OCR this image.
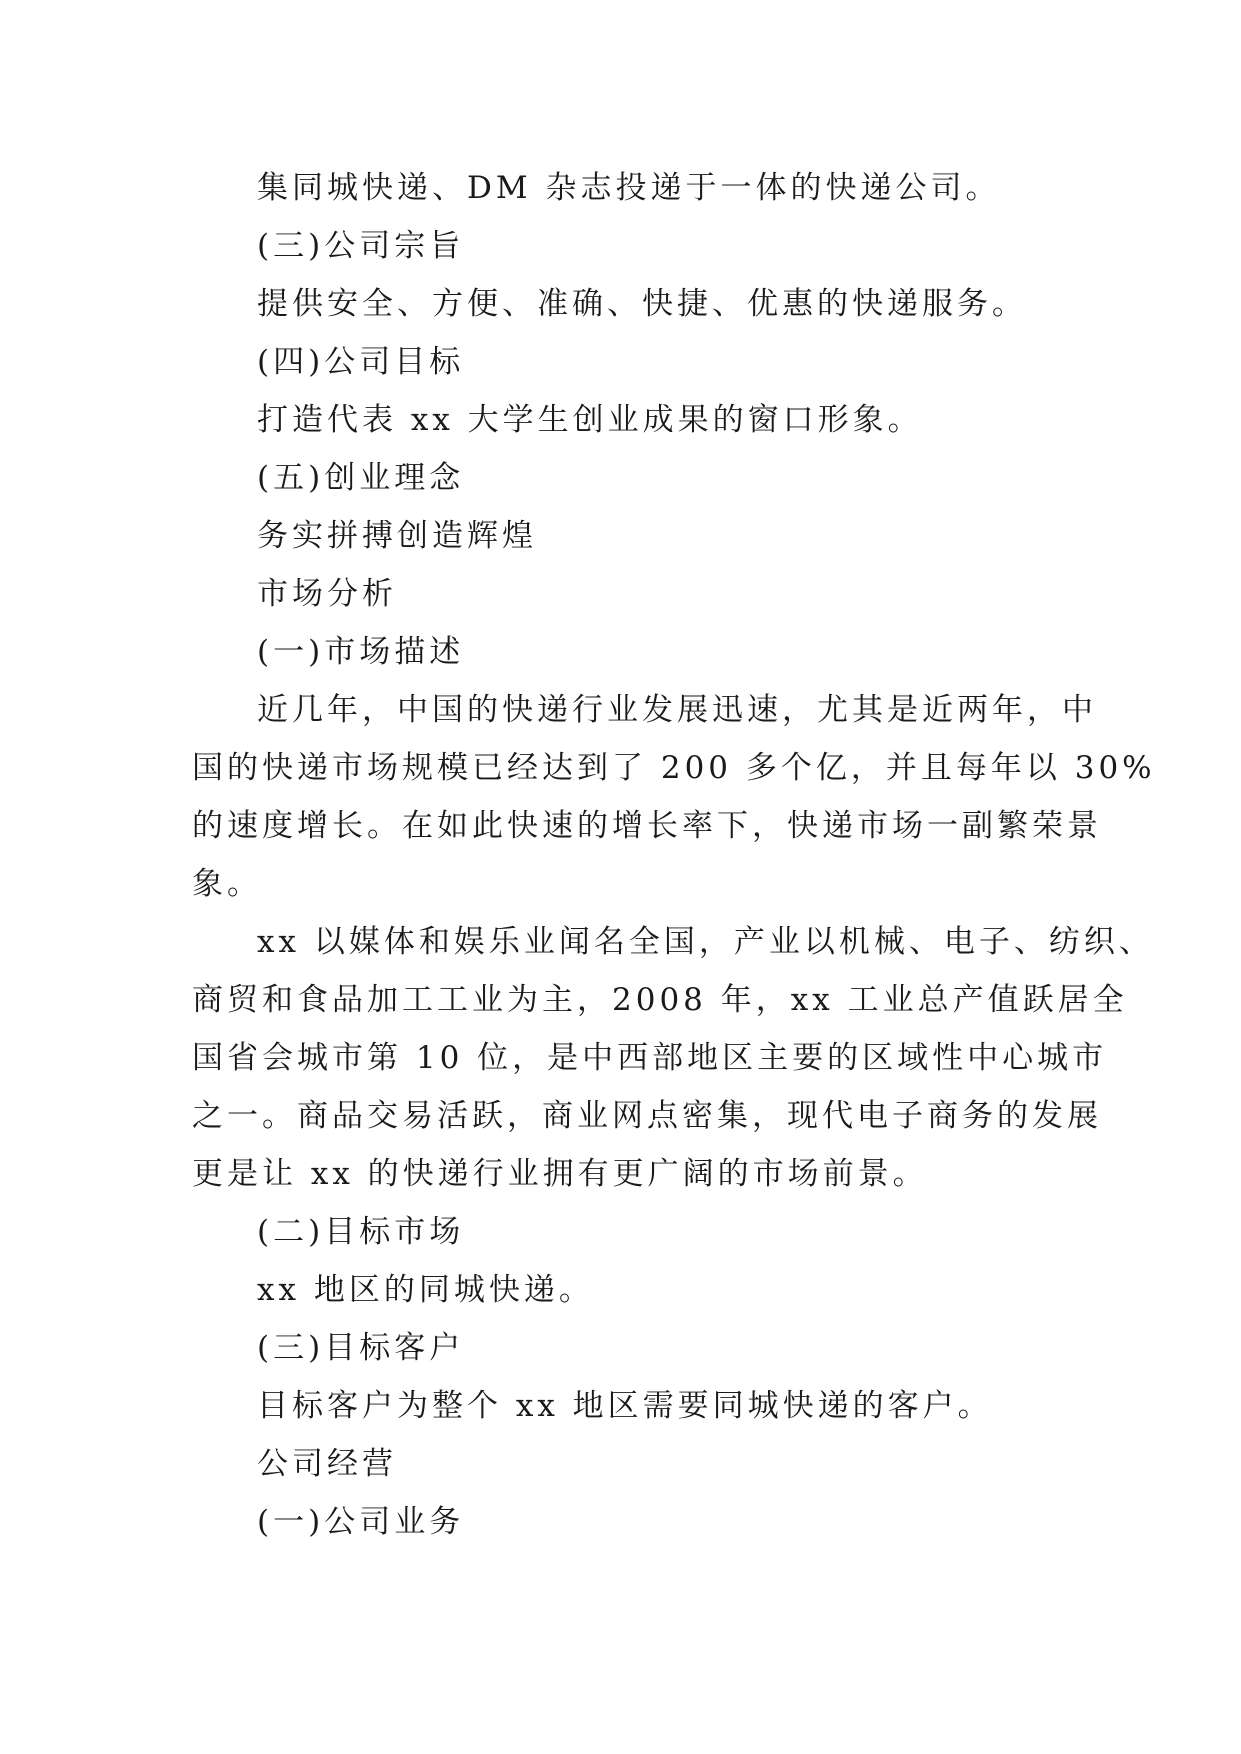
集同城快递、DM 杂志投递于一体的快递公司。
(三)公司宗旨
提供安全、方便、准确、快捷、优惠的快递服务。
(四)公司目标
打造代表 xx 大学生创业成果的窗口形象。
(五)创业理念
务实拼搏创造辉煌
市场分析
(一)市场描述
近几年，中国的快递行业发展迅速，尤其是近两年，中
国的快递市场规模已经达到了 200 多个亿，并且每年以 30%
的速度增长。在如此快速的增长率下，快递市场一副繁荣景
象。
xx 以媒体和娱乐业闻名全国，产业以机械、电子、纺织、
商贸和食品加工工业为主，2008 年，xx 工业总产值跃居全
国省会城市第 10 位，是中西部地区主要的区域性中心城市
之一。商品交易活跃，商业网点密集，现代电子商务的发展
更是让 xx 的快递行业拥有更广阔的市场前景。
(二)目标市场
xx 地区的同城快递。
(三)目标客户
目标客户为整个 xx 地区需要同城快递的客户。
公司经营
(一)公司业务
